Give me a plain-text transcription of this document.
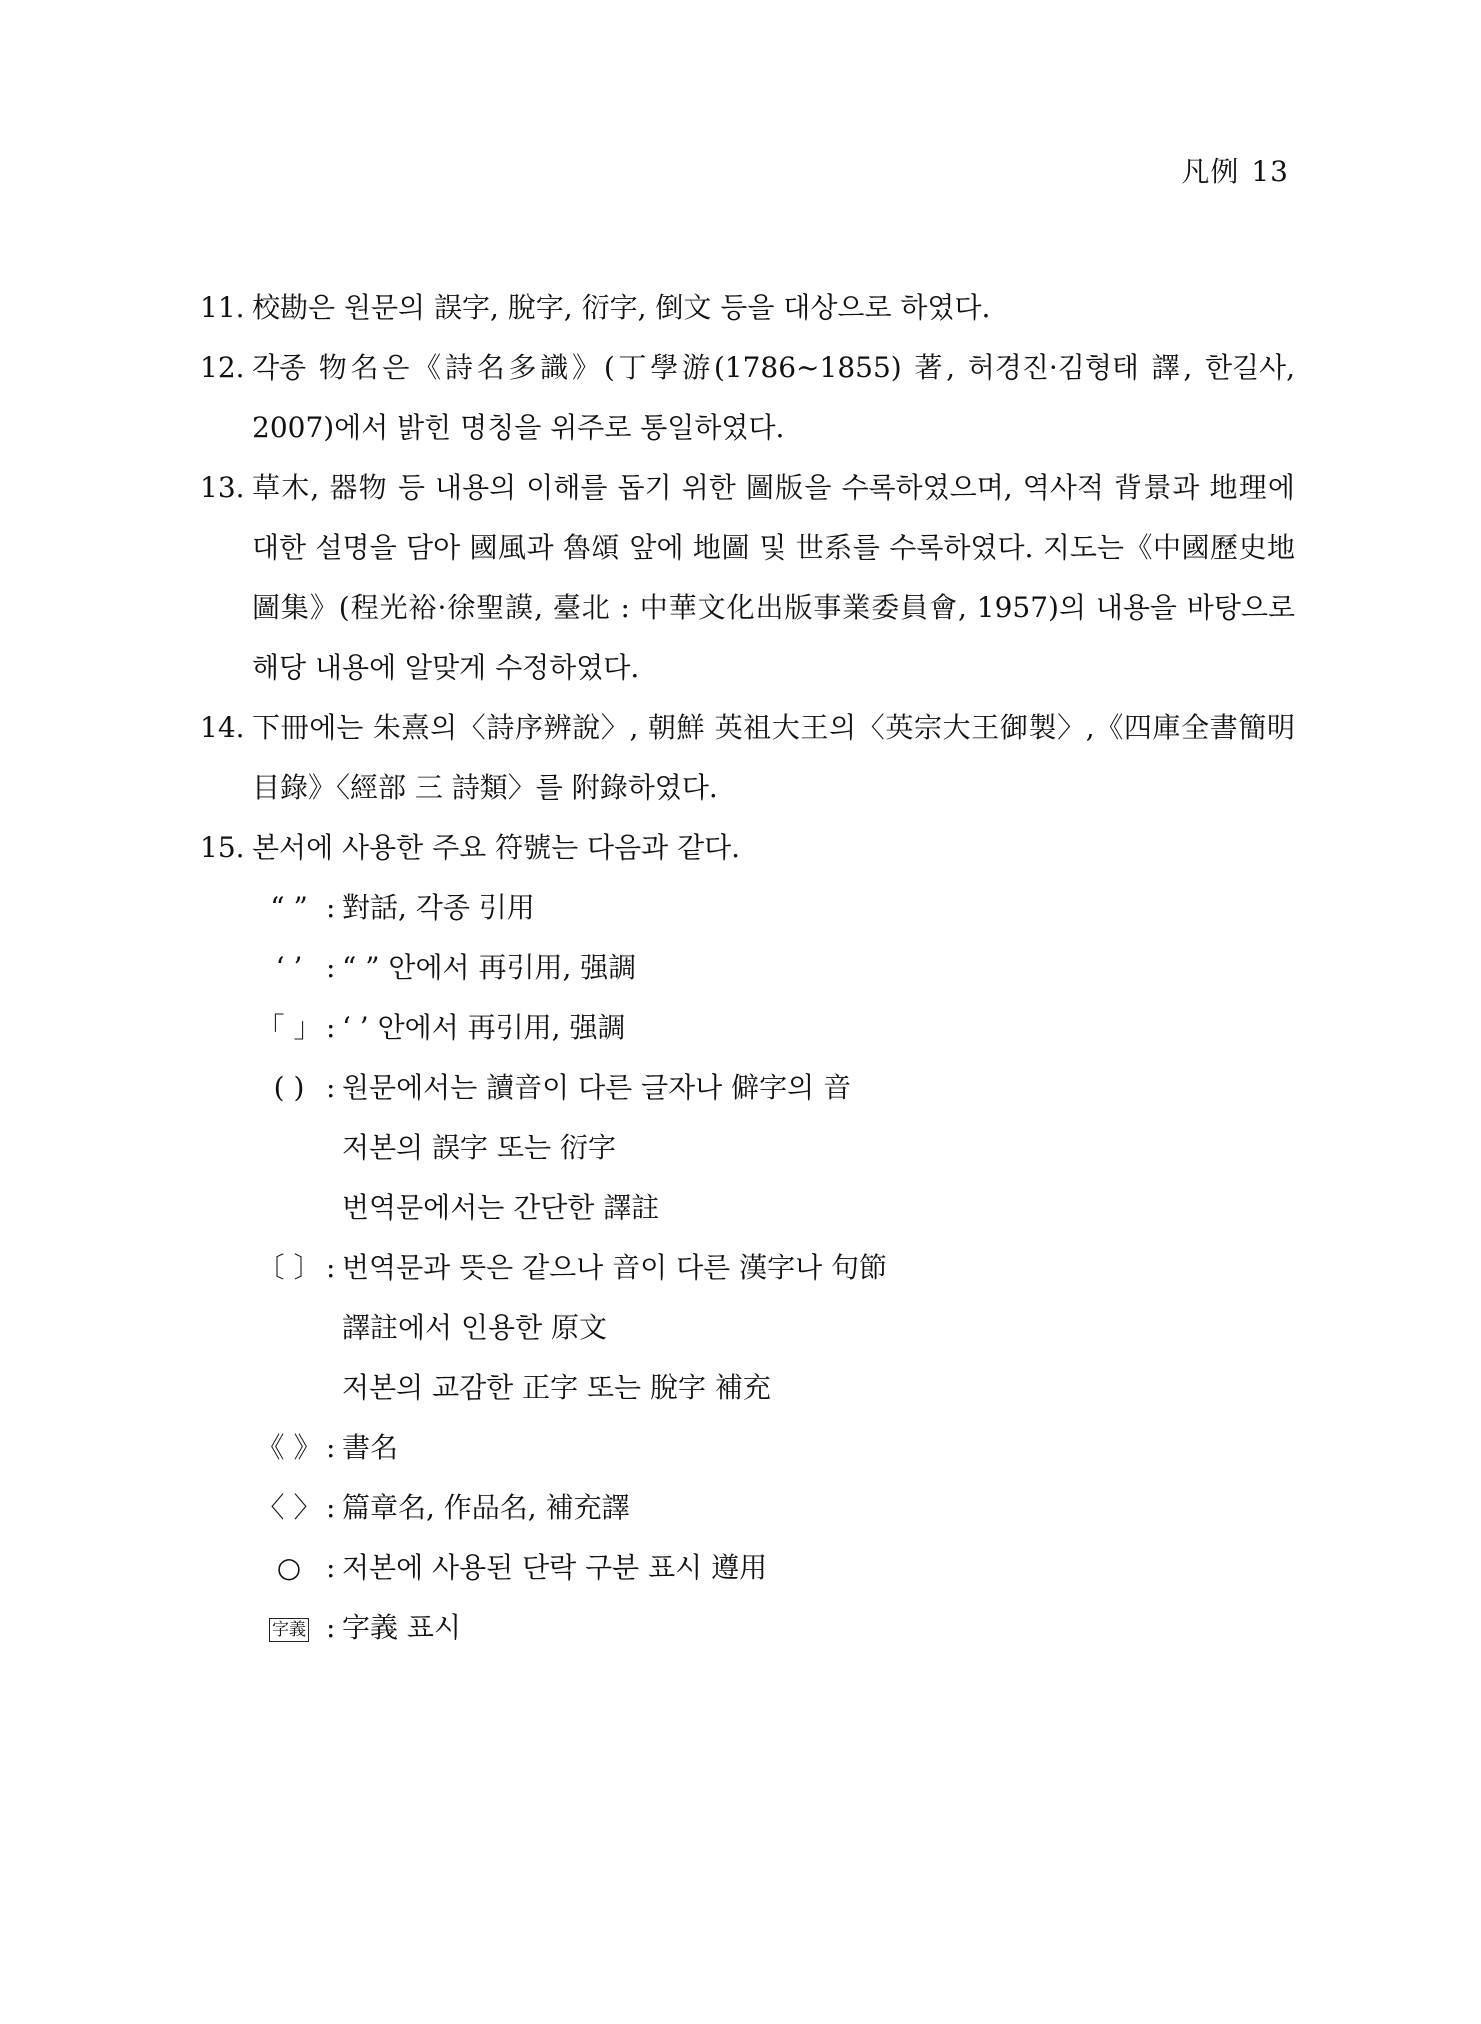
凡例 13
11. 校勘은 원문의 誤字, 脫字, 衍字, 倒文 등을 대상으로 하였다.
12. 각종 物名은《詩名多識》(丁學游(1786~1855) 著, 허경진·김형태 譯, 한길사, 2007)에서 밝힌 명칭을 위주로 통일하였다.
13. 草木, 器物 등 내용의 이해를 돕기 위한 圖版을 수록하였으며, 역사적 背景과 地理에 대한 설명을 담아 國風과 魯頌 앞에 地圖 및 世系를 수록하였다. 지도는《中國歷史地圖集》(程光裕·徐聖謨, 臺北 : 中華文化出版事業委員會, 1957)의 내용을 바탕으로 해당 내용에 알맞게 수정하였다.
14. 下冊에는 朱熹의〈詩序辨說〉, 朝鮮 英祖大王의〈英宗大王御製〉,《四庫全書簡明目錄》〈經部 三 詩類〉를 附錄하였다.
15. 본서에 사용한 주요 符號는 다음과 같다.
“ ” : 對話, 각종 引用
‘ ’ : “ ” 안에서 再引用, 强調
「 」 : ‘ ’ 안에서 再引用, 强調
( ) : 원문에서는 讀音이 다른 글자나 僻字의 音
저본의 誤字 또는 衍字
번역문에서는 간단한 譯註
〔 〕 : 번역문과 뜻은 같으나 音이 다른 漢字나 句節
譯註에서 인용한 原文
저본의 교감한 正字 또는 脫字 補充
《 》 : 書名
〈 〉 : 篇章名, 作品名, 補充譯
○ : 저본에 사용된 단락 구분 표시 遵用
字義 : 字義 표시
